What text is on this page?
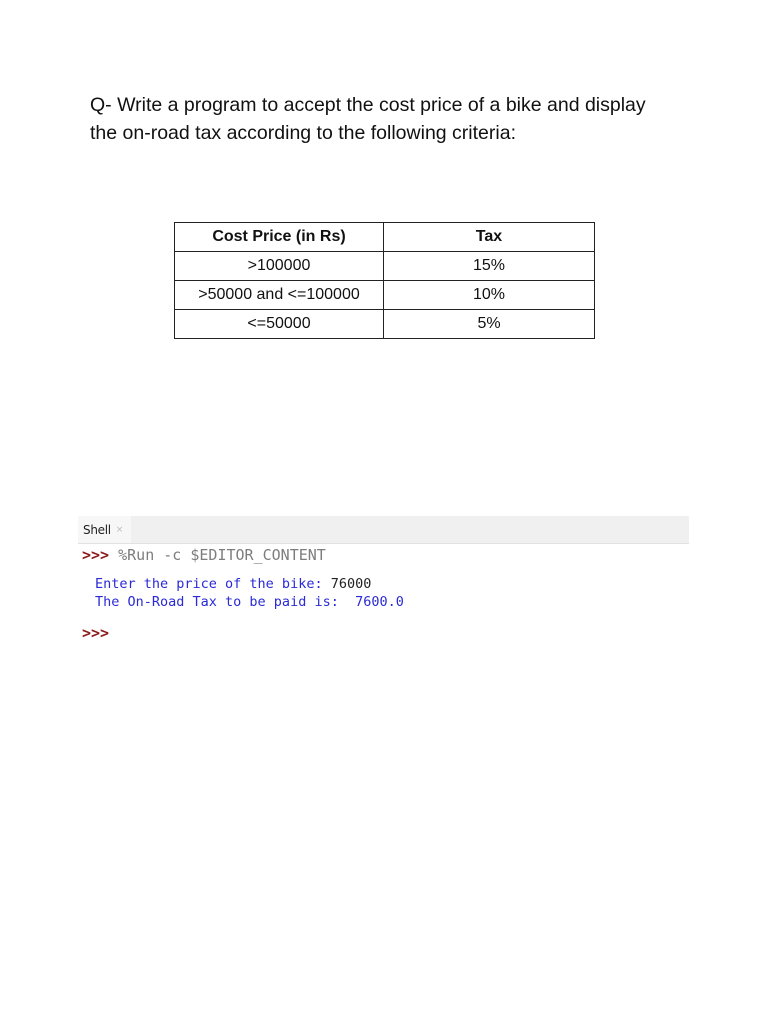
Q- Write a program to accept the cost price of a bike and display
the on-road tax according to the following criteria:

Cost Price (in Rs)	Tax
>100000	15%
>50000 and <=100000	10%
<=50000	5%
Shell ×
>>> %Run -c $EDITOR_CONTENT
Enter the price of the bike: 76000
The On-Road Tax to be paid is:  7600.0
>>>
